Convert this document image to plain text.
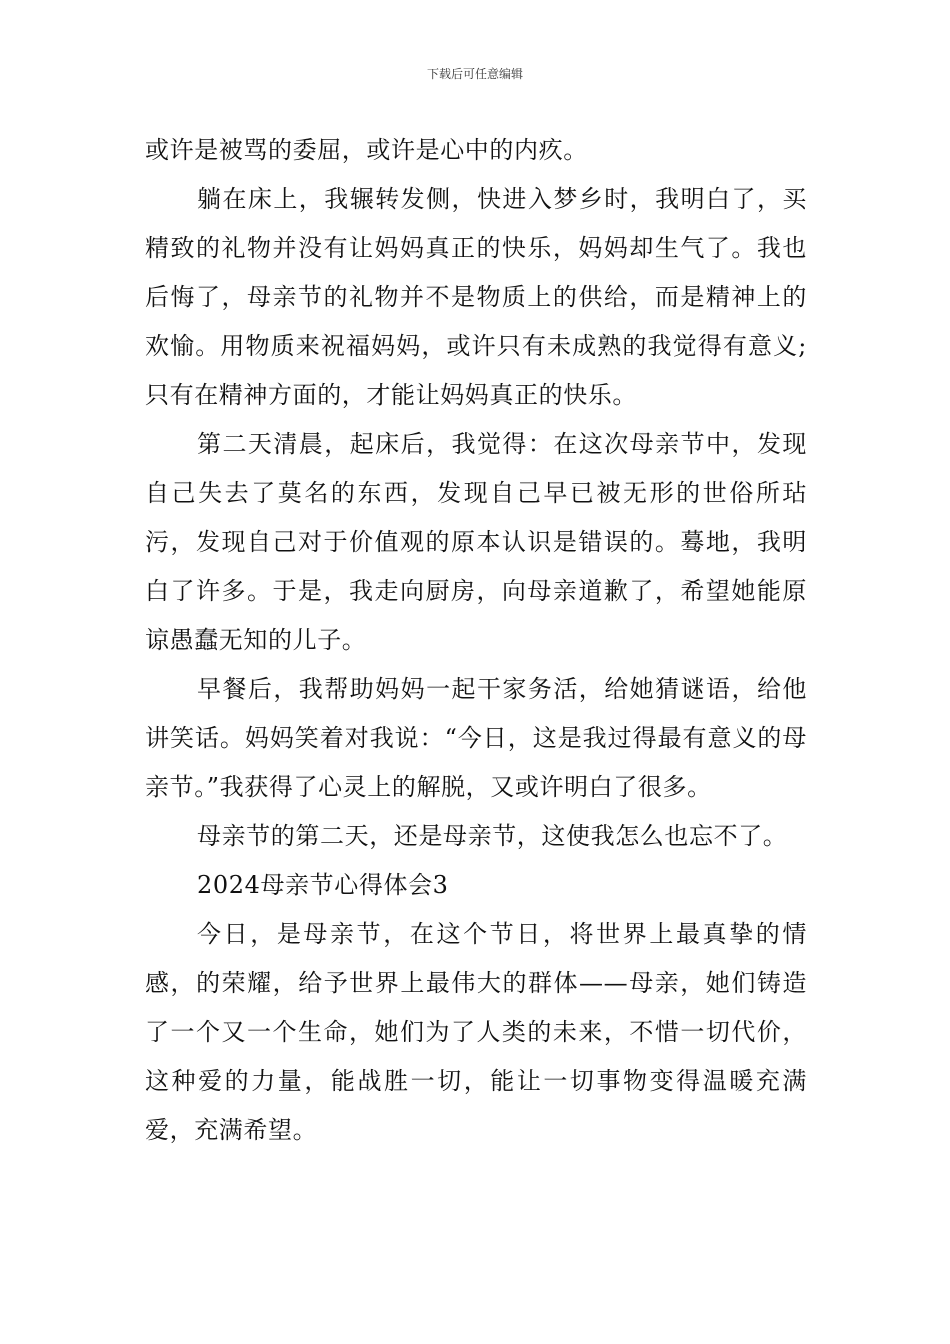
下载后可任意编辑

或许是被骂的委屈，或许是心中的内疚。

躺在床上，我辗转发侧，快进入梦乡时，我明白了，买精致的礼物并没有让妈妈真正的快乐，妈妈却生气了。我也后悔了，母亲节的礼物并不是物质上的供给，而是精神上的欢愉。用物质来祝福妈妈，或许只有未成熟的我觉得有意义;只有在精神方面的，才能让妈妈真正的快乐。

第二天清晨，起床后，我觉得：在这次母亲节中，发现自己失去了莫名的东西，发现自己早已被无形的世俗所玷污，发现自己对于价值观的原本认识是错误的。蓦地，我明白了许多。于是，我走向厨房，向母亲道歉了，希望她能原谅愚蠢无知的儿子。

早餐后，我帮助妈妈一起干家务活，给她猜谜语，给他讲笑话。妈妈笑着对我说：“今日，这是我过得最有意义的母亲节。”我获得了心灵上的解脱，又或许明白了很多。

母亲节的第二天，还是母亲节，这使我怎么也忘不了。

2024母亲节心得体会3

今日，是母亲节，在这个节日，将世界上最真挚的情感，的荣耀，给予世界上最伟大的群体——母亲，她们铸造了一个又一个生命，她们为了人类的未来，不惜一切代价，这种爱的力量，能战胜一切，能让一切事物变得温暖充满爱，充满希望。
